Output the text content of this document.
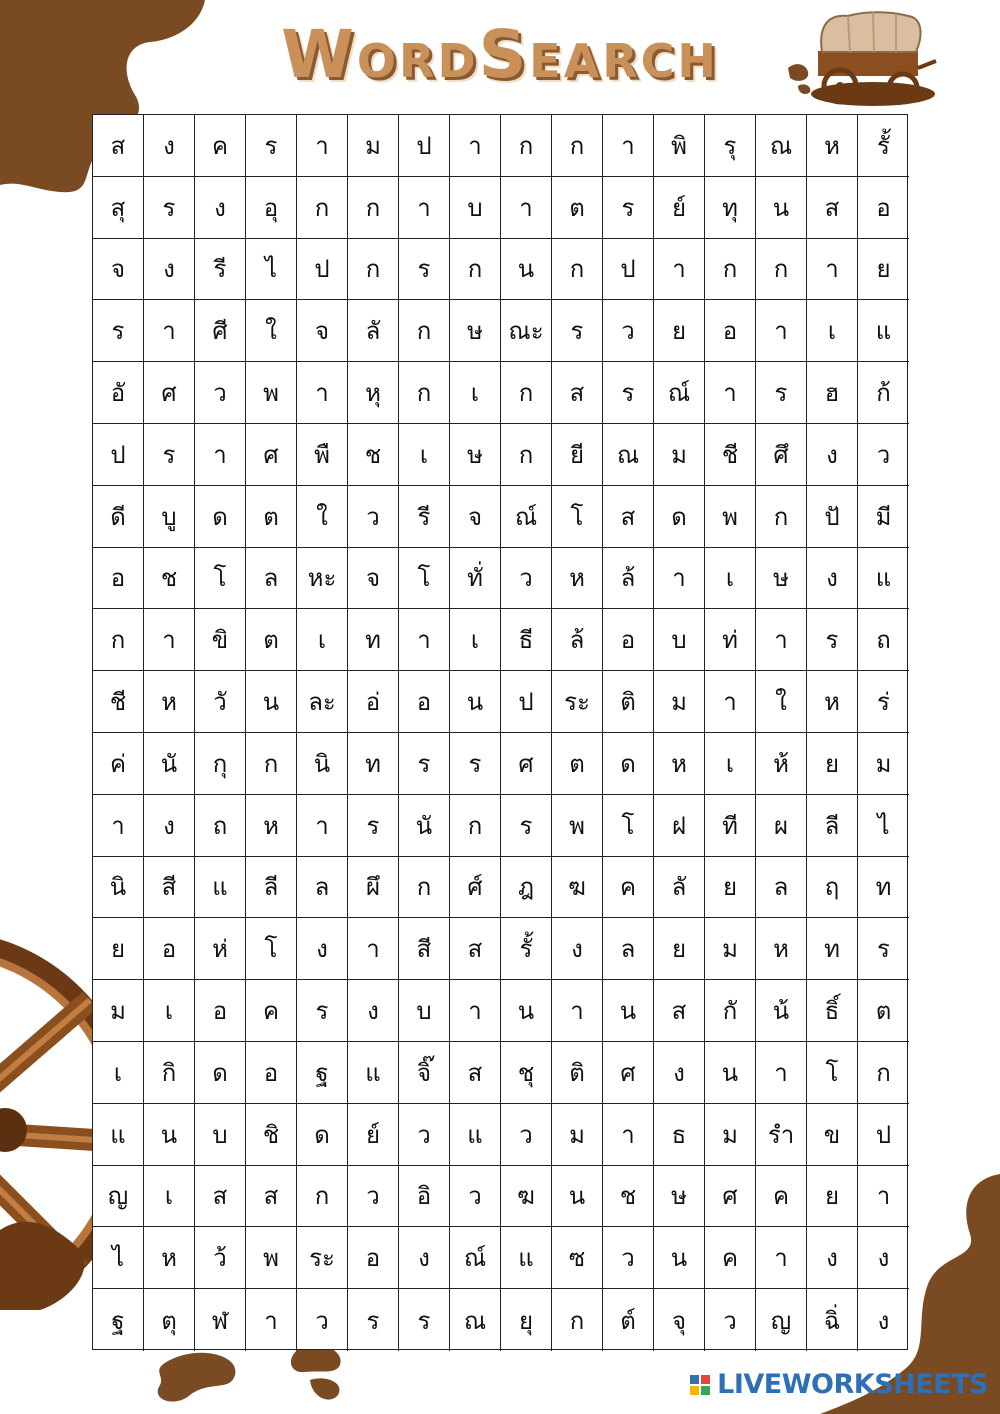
WordSearch
ส	ง	ค	ร	า	ม	ป	า	ก	ก	า	พิ	รุ	ณ	ห	รั้
สุ	ร	ง	อุ	ก	ก	า	บ	า	ต	ร	ย์	ทุ	น	ส	อ
จ	ง	รี	ไ	ป	ก	ร	ก	น	ก	ป	า	ก	ก	า	ย
ร	า	ศี	ใ	จ	ลั	ก	ษ	ณะ	ร	ว	ย	อ	า	เ	แ
อั	ศ	ว	พ	า	หุ	ก	เ	ก	ส	ร	ณ์	า	ร	ฮ	ก้
ป	ร	า	ศ	พื	ช	เ	ษ	ก	ยี	ณ	ม	ชี	ศึ	ง	ว
ดี	บู	ด	ต	ใ	ว	รี	จ	ณ์	โ	ส	ด	พ	ก	ปั	มี
อ	ช	โ	ล	หะ	จ	โ	ทั่	ว	ห	ล้	า	เ	ษ	ง	แ
ก	า	ขิ	ต	เ	ท	า	เ	ธี	ล้	อ	บ	ท่	า	ร	ถ
ชี	ห	วั	น	ละ	อ่	อ	น	ป	ระ	ติ	ม	า	ใ	ห	ร่
ค่	นั	กุ	ก	นิ	ท	ร	ร	ศ	ต	ด	ห	เ	ห้	ย	ม
า	ง	ถ	ห	า	ร	นั	ก	ร	พ	โ	ฝ	ที	ผ	ลี	ไ
นิ	สี	แ	ลี	ล	ผึ	ก	ศ์	ฎ	ฆ	ค	ลั	ย	ล	ฤ	ท
ย	อ	ห่	โ	ง	า	สี	ส	รั้	ง	ล	ย	ม	ห	ท	ร
ม	เ	อ	ค	ร	ง	บ	า	น	า	น	ส	กั	น้	ธิ์	ต
เ	กิ	ด	อ	ฐ	แ	จิ๊	ส	ชุ	ติ	ศ	ง	น	า	โ	ก
แ	น	บ	ชิ	ด	ย์	ว	แ	ว	ม	า	ธ	ม	รำ	ข	ป
ญ	เ	ส	ส	ก	ว	อิ	ว	ฆ	น	ช	ษ	ศ	ค	ย	า
ไ	ห	ว้	พ	ระ	อ	ง	ณ์	แ	ซ	ว	น	ค	า	ง	ง
ฐ	ตุ	ฬ	า	ว	ร	ร	ณ	ยุ	ก	ต์	จุ	ว	ญ	ฉิ่	ง
LIVEWORKSHEETS
